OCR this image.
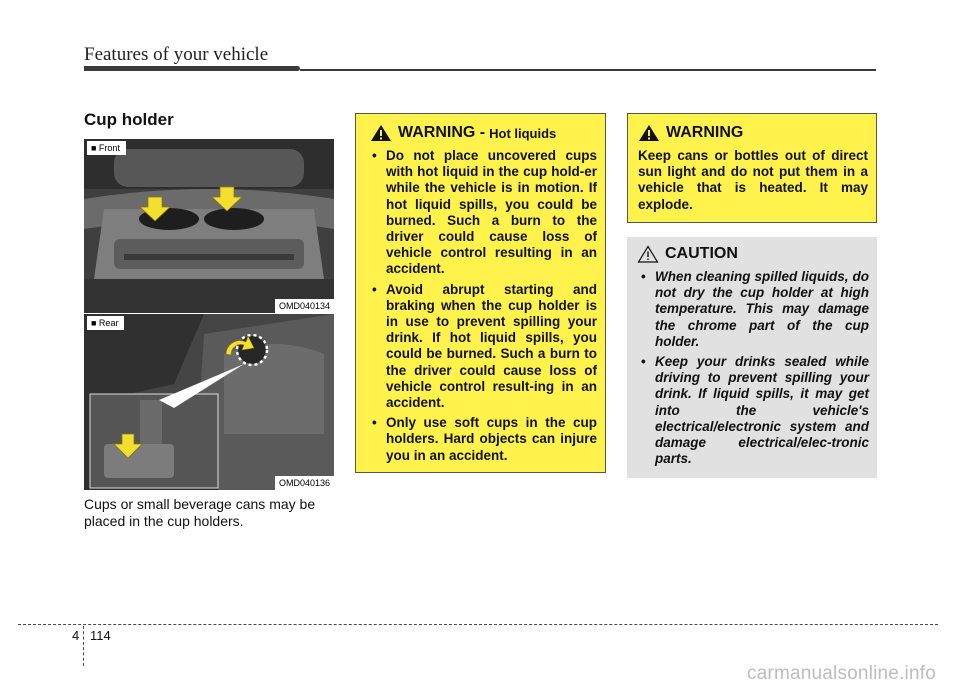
Features of your vehicle
Cup holder
■ Front
OMD040134
■ Rear
OMD040136
Cups or small beverage cans may be placed in the cup holders.
WARNING - Hot liquids
• Do not place uncovered cups with hot liquid in the cup hold-er while the vehicle is in motion. If hot liquid spills, you could be burned. Such a burn to the driver could cause loss of vehicle control resulting in an accident.
• Avoid abrupt starting and braking when the cup holder is in use to prevent spilling your drink. If hot liquid spills, you could be burned. Such a burn to the driver could cause loss of vehicle control result-ing in an accident.
• Only use soft cups in the cup holders. Hard objects can injure you in an accident.
WARNING
Keep cans or bottles out of direct sun light and do not put them in a vehicle that is heated. It may explode.
CAUTION
• When cleaning spilled liquids, do not dry the cup holder at high temperature. This may damage the chrome part of the cup holder.
• Keep your drinks sealed while driving to prevent spilling your drink. If liquid spills, it may get into the vehicle's electrical/electronic system and damage electrical/elec-tronic parts.
4 114
carmanualsonline.info
